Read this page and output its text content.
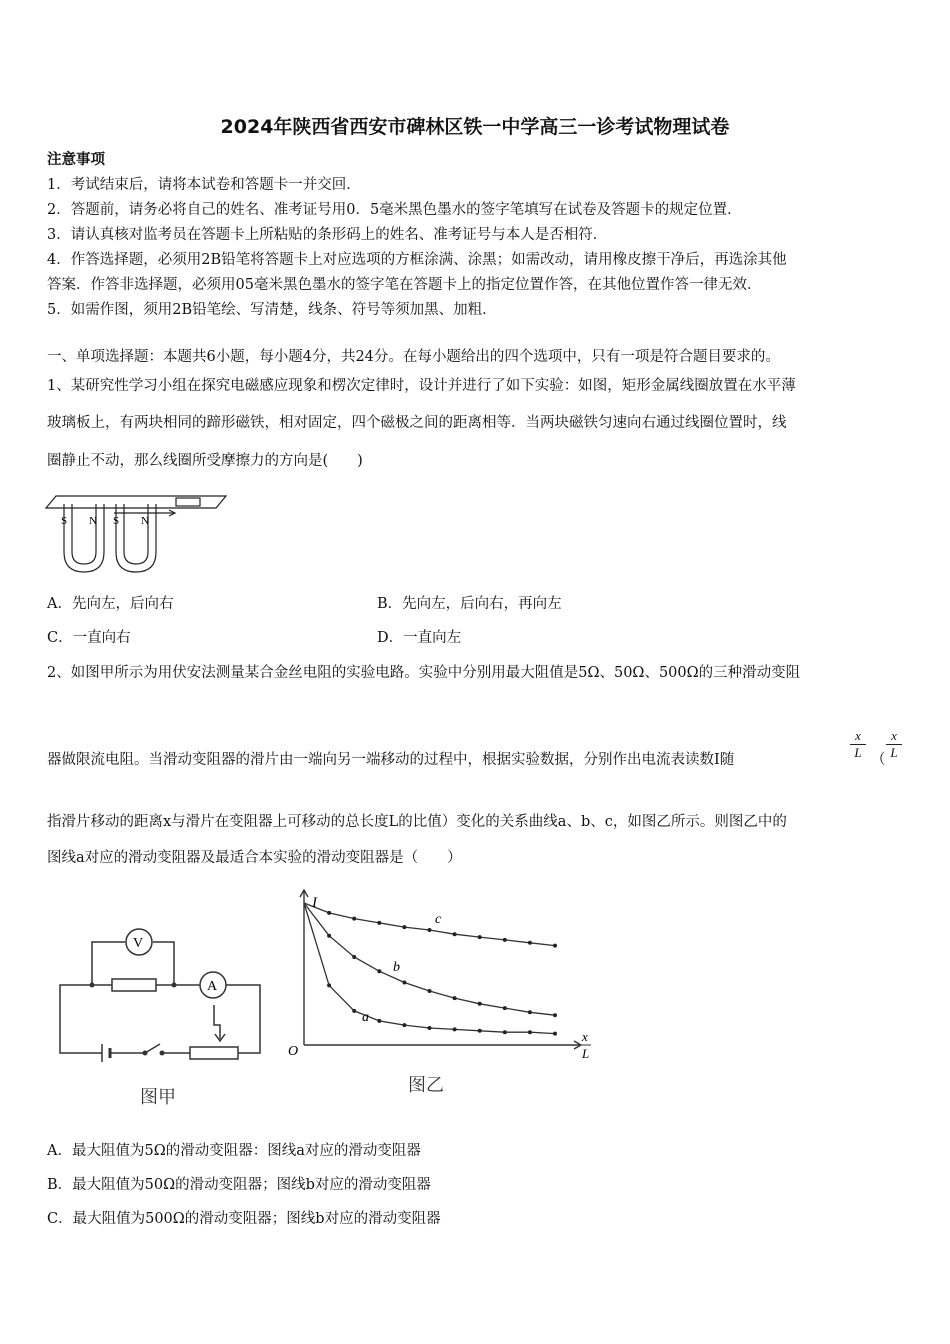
2024年陕西省西安市碑林区铁一中学高三一诊考试物理试卷
注意事项
1．考试结束后，请将本试卷和答题卡一并交回．
2．答题前，请务必将自己的姓名、准考证号用0．5毫米黑色墨水的签字笔填写在试卷及答题卡的规定位置．
3．请认真核对监考员在答题卡上所粘贴的条形码上的姓名、准考证号与本人是否相符．
4．作答选择题，必须用2B铅笔将答题卡上对应选项的方框涂满、涂黑；如需改动，请用橡皮擦干净后，再选涂其他
答案．作答非选择题，必须用05毫米黑色墨水的签字笔在答题卡上的指定位置作答，在其他位置作答一律无效．
5．如需作图，须用2B铅笔绘、写清楚，线条、符号等须加黑、加粗．
一、单项选择题：本题共6小题，每小题4分，共24分。在每小题给出的四个选项中，只有一项是符合题目要求的。
1、某研究性学习小组在探究电磁感应现象和楞次定律时，设计并进行了如下实验：如图，矩形金属线圈放置在水平薄
玻璃板上，有两块相同的蹄形磁铁，相对固定，四个磁极之间的距离相等．当两块磁铁匀速向右通过线圈位置时，线
圈静止不动，那么线圈所受摩擦力的方向是(　　)
S N S N
A．先向左，后向右	B．先向左，后向右，再向左
C．一直向右	D．一直向左
2、如图甲所示为用伏安法测量某合金丝电阻的实验电路。实验中分别用最大阻值是5Ω、50Ω、500Ω的三种滑动变阻
器做限流电阻。当滑动变阻器的滑片由一端向另一端移动的过程中，根据实验数据，分别作出电流表读数I随	$\frac{x}{L}$ （ $\frac{x}{L}$
指滑片移动的距离x与滑片在变阻器上可移动的总长度L的比值）变化的关系曲线a、b、c，如图乙所示。则图乙中的
图线a对应的滑动变阻器及最适合本实验的滑动变阻器是（　　）
V
A
图甲
I
O
x
L
c
b
a
图乙
A．最大阻值为5Ω的滑动变阻器：图线a对应的滑动变阻器
B．最大阻值为50Ω的滑动变阻器；图线b对应的滑动变阻器
C．最大阻值为500Ω的滑动变阻器；图线b对应的滑动变阻器
